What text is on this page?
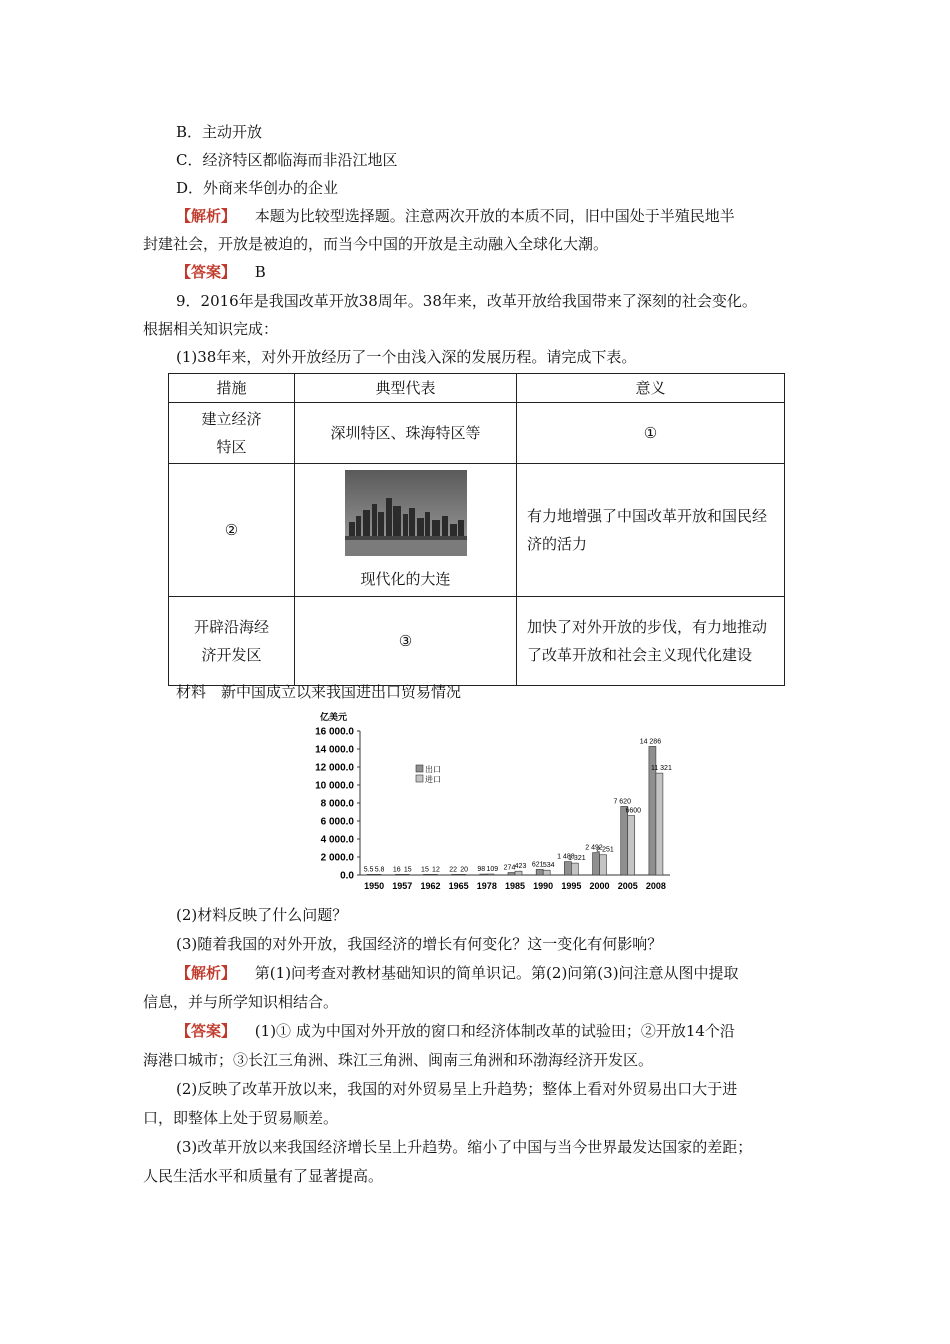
B．主动开放
C．经济特区都临海而非沿江地区
D．外商来华创办的企业
【解析】 本题为比较型选择题。注意两次开放的本质不同，旧中国处于半殖民地半
封建社会，开放是被迫的，而当今中国的开放是主动融入全球化大潮。
【答案】 B
9．2016年是我国改革开放38周年。38年来，改革开放给我国带来了深刻的社会变化。
根据相关知识完成：
(1)38年来，对外开放经历了一个由浅入深的发展历程。请完成下表。
措施	典型代表	意义
建立经济特区	深圳特区、珠海特区等	①
②	现代化的大连	有力地增强了中国改革开放和国民经济的活力
开辟沿海经济开发区	③	加快了对外开放的步伐，有力地推动了改革开放和社会主义现代化建设
材料　新中国成立以来我国进出口贸易情况
亿美元
0.0
2 000.0
4 000.0
6 000.0
8 000.0
10 000.0
12 000.0
14 000.0
16 000.0
5.5 5.8 16 15 15 12 22 20 98 109 274 423 621 534
1 488
1 321
2 492
2 251
7 620
6600
14 286
11 321
1950 1957 1962 1965 1978 1985 1990 1995 2000 2005 2008
出口
进口
(2)材料反映了什么问题？
(3)随着我国的对外开放，我国经济的增长有何变化？这一变化有何影响？
【解析】 第(1)问考查对教材基础知识的简单识记。第(2)问第(3)问注意从图中提取
信息，并与所学知识相结合。
【答案】 (1)① 成为中国对外开放的窗口和经济体制改革的试验田；②开放14个沿
海港口城市；③长江三角洲、珠江三角洲、闽南三角洲和环渤海经济开发区。
(2)反映了改革开放以来，我国的对外贸易呈上升趋势；整体上看对外贸易出口大于进
口，即整体上处于贸易顺差。
(3)改革开放以来我国经济增长呈上升趋势。缩小了中国与当今世界最发达国家的差距；
人民生活水平和质量有了显著提高。
